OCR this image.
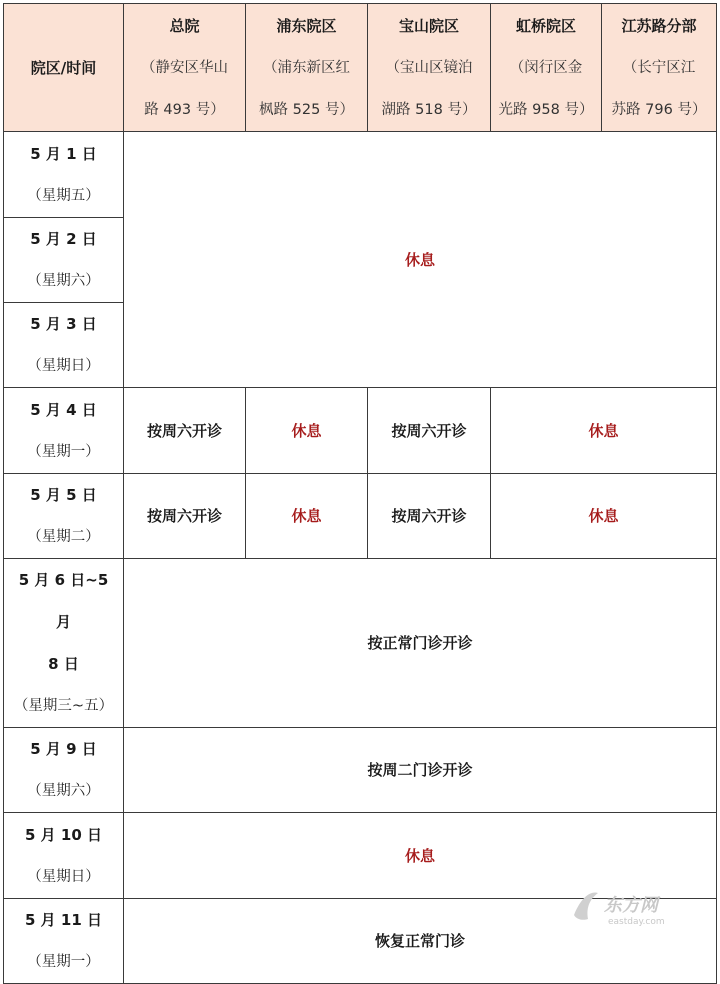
院区/时间	总院
（静安区华山
路 493 号）	浦东院区
（浦东新区红
枫路 525 号）	宝山院区
（宝山区镜泊
湖路 518 号）	虹桥院区
（闵行区金
光路 958 号）	江苏路分部
（长宁区江
苏路 796 号）

5 月 1 日
（星期五）	休息				

5 月 2 日
（星期六）					

5 月 3 日
（星期日）					

5 月 4 日
（星期一）	按周六开诊	休息	按周六开诊	休息	

5 月 5 日
（星期二）	按周六开诊	休息	按周六开诊	休息	

5 月 6 日~5 月
8 日
（星期三~五）	按正常门诊开诊				

5 月 9 日
（星期六）	按周二门诊开诊				

5 月 10 日
（星期日）	休息				

5 月 11 日
（星期一）	恢复正常门诊				
东方网
eastday.com
